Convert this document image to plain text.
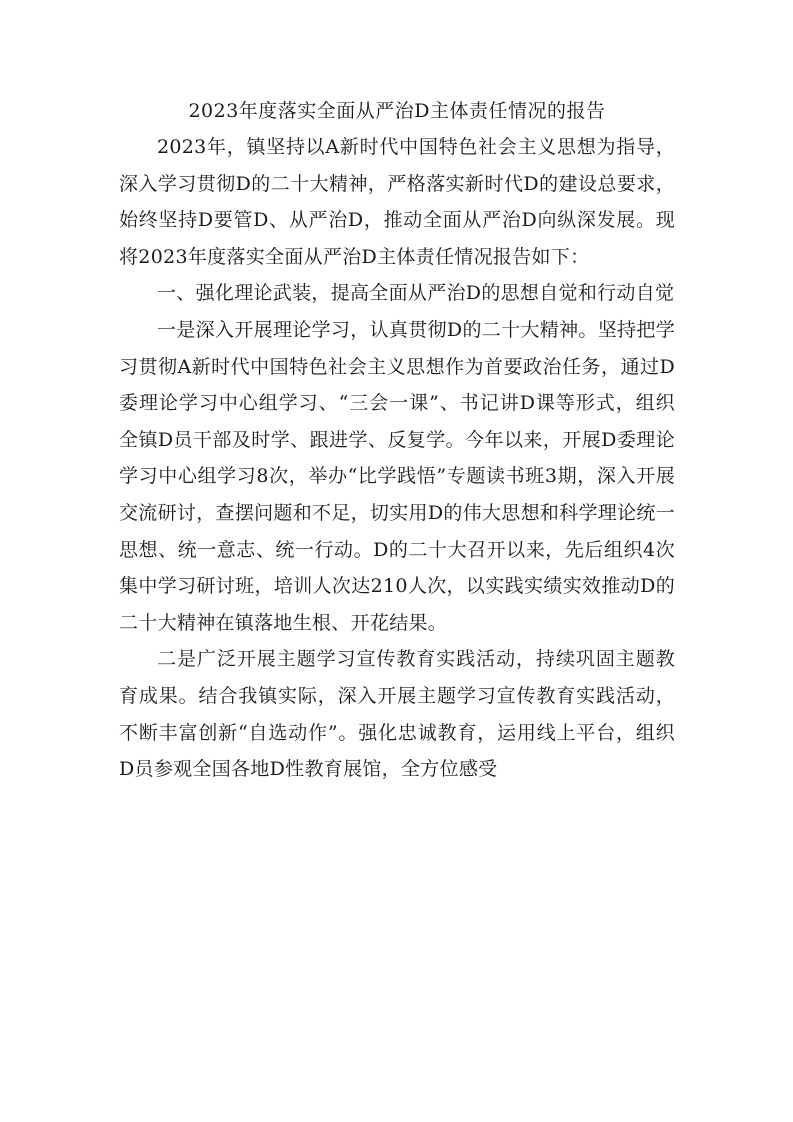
2023年度落实全面从严治D主体责任情况的报告

2023年，镇坚持以A新时代中国特色社会主义思想为指导，深入学习贯彻D的二十大精神，严格落实新时代D的建设总要求，始终坚持D要管D、从严治D，推动全面从严治D向纵深发展。现将2023年度落实全面从严治D主体责任情况报告如下：

一、强化理论武装，提高全面从严治D的思想自觉和行动自觉

一是深入开展理论学习，认真贯彻D的二十大精神。坚持把学习贯彻A新时代中国特色社会主义思想作为首要政治任务，通过D委理论学习中心组学习、“三会一课”、书记讲D课等形式，组织全镇D员干部及时学、跟进学、反复学。今年以来，开展D委理论学习中心组学习8次，举办“比学践悟”专题读书班3期，深入开展交流研讨，查摆问题和不足，切实用D的伟大思想和科学理论统一思想、统一意志、统一行动。D的二十大召开以来，先后组织4次集中学习研讨班，培训人次达210人次，以实践实绩实效推动D的二十大精神在镇落地生根、开花结果。

二是广泛开展主题学习宣传教育实践活动，持续巩固主题教育成果。结合我镇实际，深入开展主题学习宣传教育实践活动，不断丰富创新“自选动作”。强化忠诚教育，运用线上平台，组织D员参观全国各地D性教育展馆，全方位感受
